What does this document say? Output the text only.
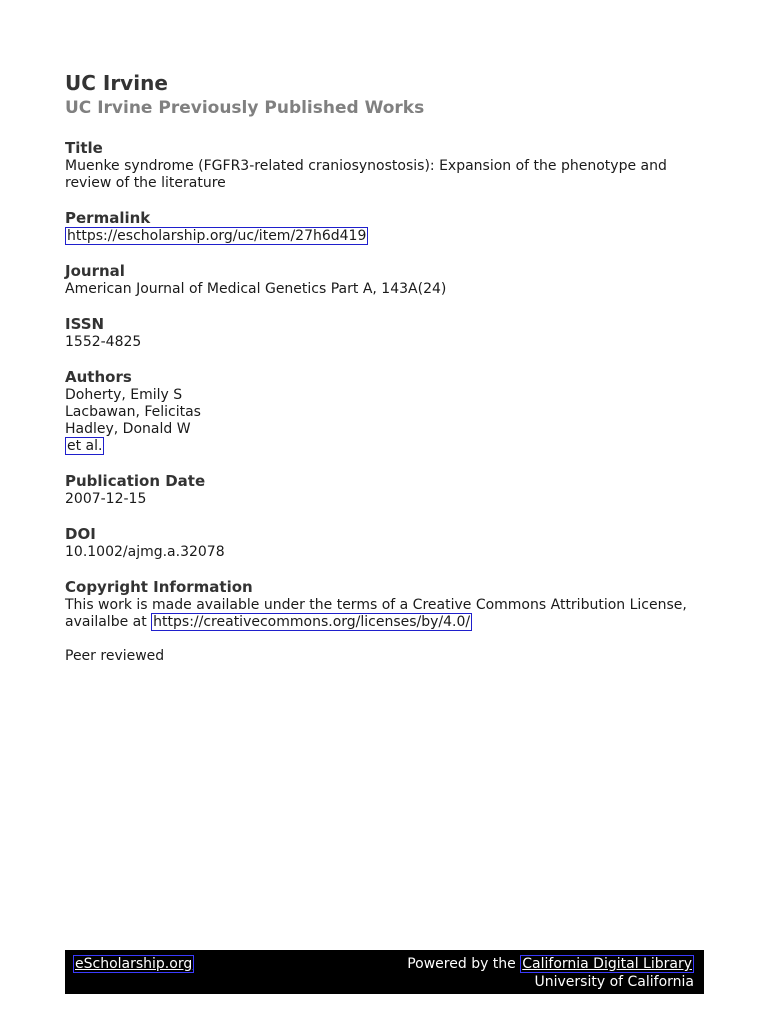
UC Irvine
UC Irvine Previously Published Works
Title
Muenke syndrome (FGFR3-related craniosynostosis): Expansion of the phenotype and review of the literature
Permalink
https://escholarship.org/uc/item/27h6d419
Journal
American Journal of Medical Genetics Part A, 143A(24)
ISSN
1552-4825
Authors
Doherty, Emily S
Lacbawan, Felicitas
Hadley, Donald W
et al.
Publication Date
2007-12-15
DOI
10.1002/ajmg.a.32078
Copyright Information
This work is made available under the terms of a Creative Commons Attribution License,
availalbe at https://creativecommons.org/licenses/by/4.0/
Peer reviewed
eScholarship.org	Powered by the California Digital Library
University of California
